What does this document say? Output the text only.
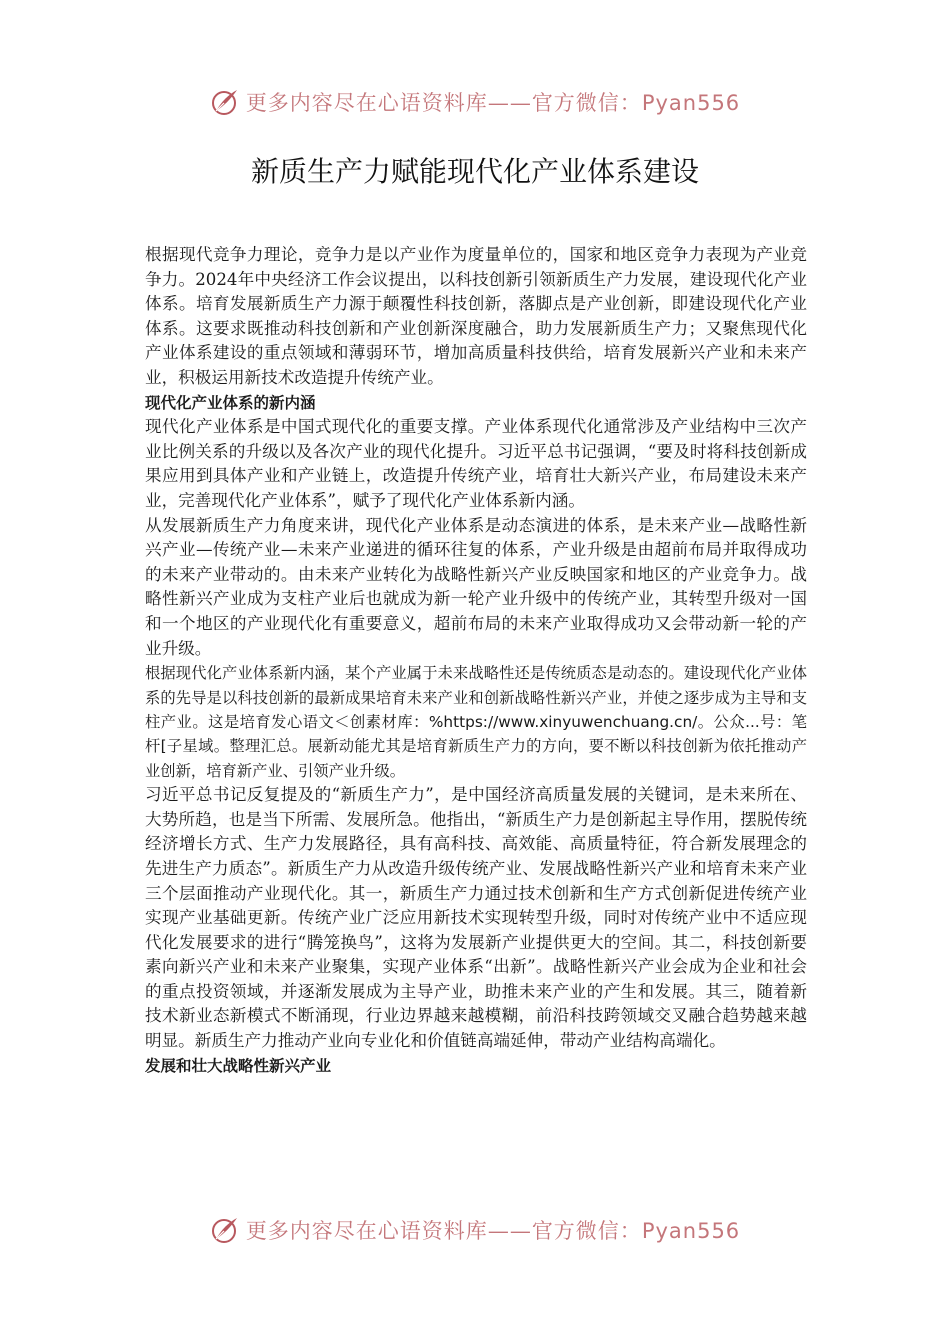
更多内容尽在心语资料库——官方微信：Pyan556
新质生产力赋能现代化产业体系建设

根据现代竞争力理论，竞争力是以产业作为度量单位的，国家和地区竞争力表现为产业竞争力。2024年中央经济工作会议提出，以科技创新引领新质生产力发展，建设现代化产业体系。培育发展新质生产力源于颠覆性科技创新，落脚点是产业创新，即建设现代化产业体系。这要求既推动科技创新和产业创新深度融合，助力发展新质生产力；又聚焦现代化产业体系建设的重点领域和薄弱环节，增加高质量科技供给，培育发展新兴产业和未来产业，积极运用新技术改造提升传统产业。

现代化产业体系的新内涵

现代化产业体系是中国式现代化的重要支撑。产业体系现代化通常涉及产业结构中三次产业比例关系的升级以及各次产业的现代化提升。习近平总书记强调，“要及时将科技创新成果应用到具体产业和产业链上，改造提升传统产业，培育壮大新兴产业，布局建设未来产业，完善现代化产业体系”，赋予了现代化产业体系新内涵。

从发展新质生产力角度来讲，现代化产业体系是动态演进的体系，是未来产业—战略性新兴产业—传统产业—未来产业递进的循环往复的体系，产业升级是由超前布局并取得成功的未来产业带动的。由未来产业转化为战略性新兴产业反映国家和地区的产业竞争力。战略性新兴产业成为支柱产业后也就成为新一轮产业升级中的传统产业，其转型升级对一国和一个地区的产业现代化有重要意义，超前布局的未来产业取得成功又会带动新一轮的产业升级。

根据现代化产业体系新内涵，某个产业属于未来战略性还是传统质态是动态的。建设现代化产业体系的先导是以科技创新的最新成果培育未来产业和创新战略性新兴产业，并使之逐步成为主导和支柱产业。这是培育发心语文＜创素材库：%https://www.xinyuwenchuang.cn/。公众...号：笔杆[子星域。整理汇总。展新动能尤其是培育新质生产力的方向，要不断以科技创新为依托推动产业创新，培育新产业、引领产业升级。

习近平总书记反复提及的“新质生产力”，是中国经济高质量发展的关键词，是未来所在、大势所趋，也是当下所需、发展所急。他指出，“新质生产力是创新起主导作用，摆脱传统经济增长方式、生产力发展路径，具有高科技、高效能、高质量特征，符合新发展理念的先进生产力质态”。新质生产力从改造升级传统产业、发展战略性新兴产业和培育未来产业三个层面推动产业现代化。其一，新质生产力通过技术创新和生产方式创新促进传统产业实现产业基础更新。传统产业广泛应用新技术实现转型升级，同时对传统产业中不适应现代化发展要求的进行“腾笼换鸟”，这将为发展新产业提供更大的空间。其二，科技创新要素向新兴产业和未来产业聚集，实现产业体系“出新”。战略性新兴产业会成为企业和社会的重点投资领域，并逐渐发展成为主导产业，助推未来产业的产生和发展。其三，随着新技术新业态新模式不断涌现，行业边界越来越模糊，前沿科技跨领域交叉融合趋势越来越明显。新质生产力推动产业向专业化和价值链高端延伸，带动产业结构高端化。

发展和壮大战略性新兴产业

更多内容尽在心语资料库——官方微信：Pyan556
